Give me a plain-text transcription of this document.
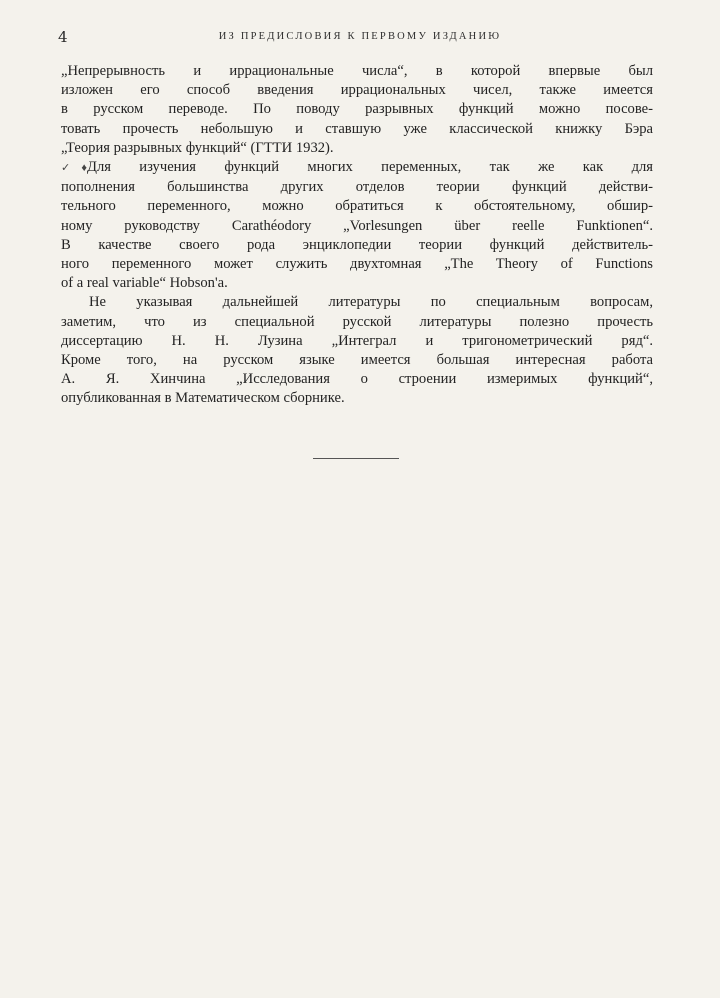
4	ИЗ ПРЕДИСЛОВИЯ К ПЕРВОМУ ИЗДАНИЮ
„Непрерывность и иррациональные числа“, в которой впервые был
изложен его способ введения иррациональных чисел, также имеется
в русском переводе. По поводу разрывных функций можно посове-
товать прочесть небольшую и ставшую уже классической книжку Бэра
„Теория разрывных функций“ (ГТТИ 1932).
✓ ♦Для изучения функций многих переменных, так же как для
пополнения большинства других отделов теории функций действи-
тельного переменного, можно обратиться к обстоятельному, обшир-
ному руководству Carathéodory „Vorlesungen über reelle Funktionen“.
В качестве своего рода энциклопедии теории функций действитель-
ного переменного может служить двухтомная „The Theory of Functions
of a real variable“ Hobson'a.
Не указывая дальнейшей литературы по специальным вопросам,
заметим, что из специальной русской литературы полезно прочесть
диссертацию Н. Н. Лузина „Интеграл и тригонометрический ряд“.
Кроме того, на русском языке имеется большая интересная работа
А. Я. Хинчина „Исследования о строении измеримых функций“,
опубликованная в Математическом сборнике.
